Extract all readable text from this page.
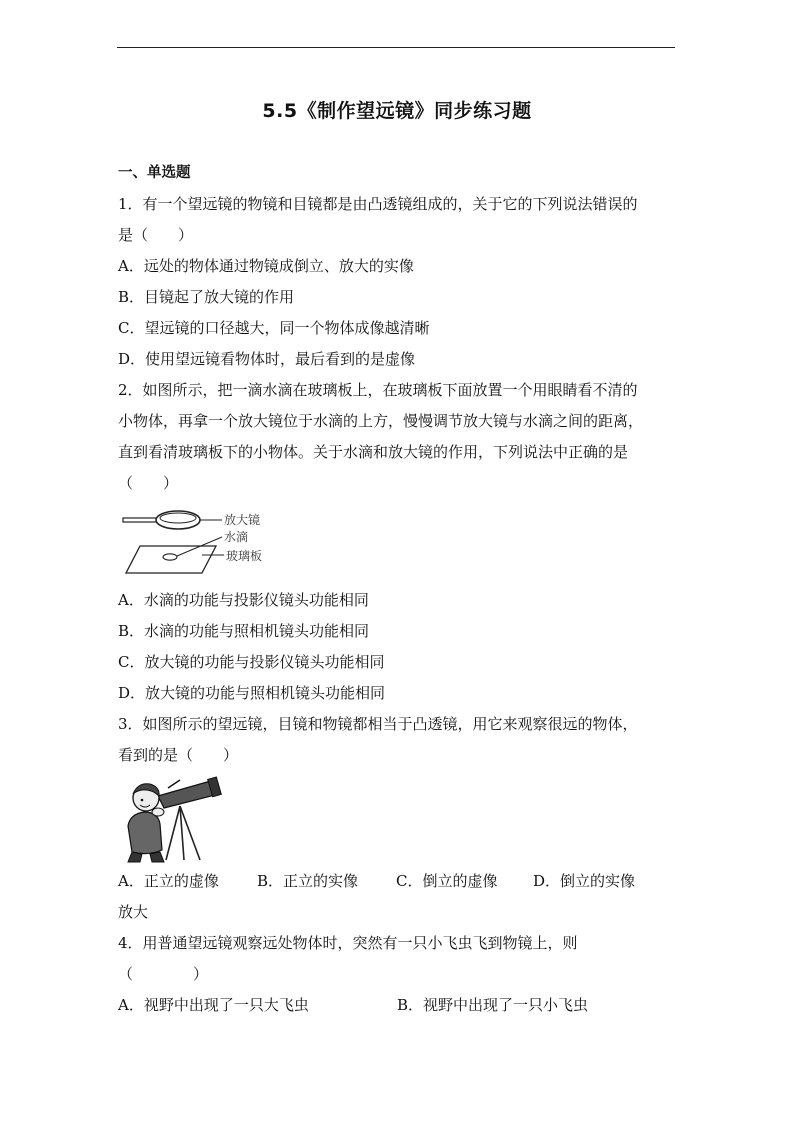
5.5《制作望远镜》同步练习题
一、单选题
1．有一个望远镜的物镜和目镜都是由凸透镜组成的，关于它的下列说法错误的
是（　　）
A．远处的物体通过物镜成倒立、放大的实像
B．目镜起了放大镜的作用
C．望远镜的口径越大，同一个物体成像越清晰
D．使用望远镜看物体时，最后看到的是虚像
2．如图所示，把一滴水滴在玻璃板上，在玻璃板下面放置一个用眼睛看不清的
小物体，再拿一个放大镜位于水滴的上方，慢慢调节放大镜与水滴之间的距离，
直到看清玻璃板下的小物体。关于水滴和放大镜的作用，下列说法中正确的是
（　　）
放大镜
水滴
玻璃板
A．水滴的功能与投影仪镜头功能相同
B．水滴的功能与照相机镜头功能相同
C．放大镜的功能与投影仪镜头功能相同
D．放大镜的功能与照相机镜头功能相同
3．如图所示的望远镜，目镜和物镜都相当于凸透镜，用它来观察很远的物体，
看到的是（　　）
A．正立的虚像	B．正立的实像	C．倒立的虚像 D．倒立的实像
放大
4．用普通望远镜观察远处物体时，突然有一只小飞虫飞到物镜上，则
（　　　　）
A．视野中出现了一只大飞虫	B．视野中出现了一只小飞虫
